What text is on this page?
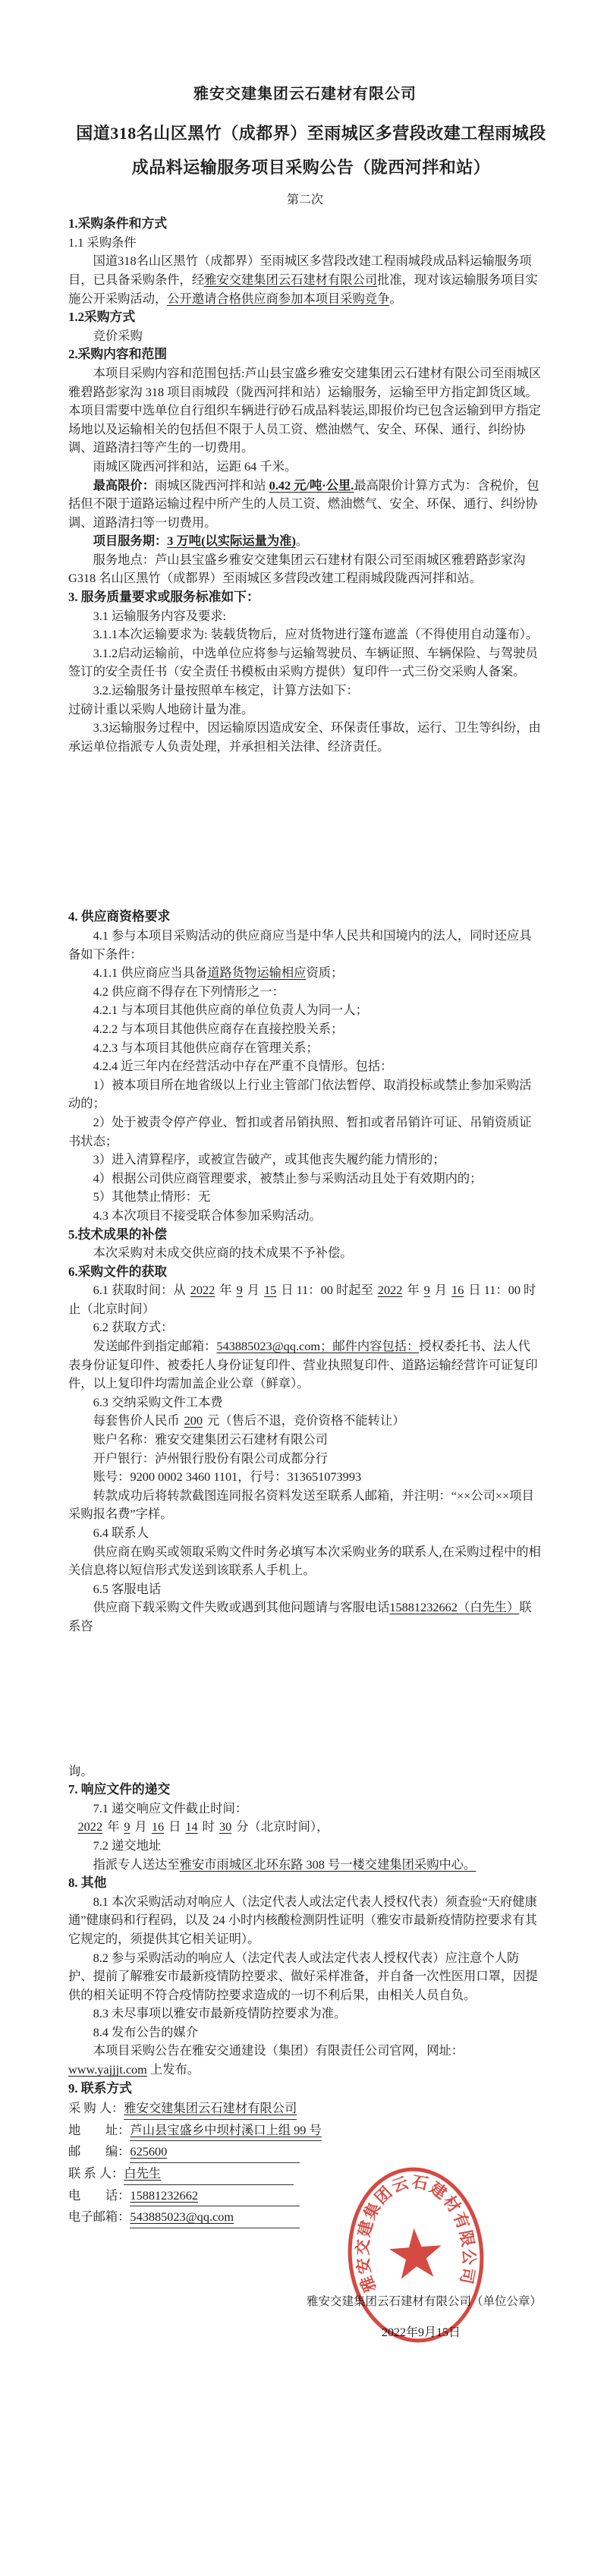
雅安交建集团云石建材有限公司
国道318名山区黑竹（成都界）至雨城区多营段改建工程雨城段成品料运输服务项目采购公告（陇西河拌和站）
第二次

1.采购条件和方式

1.1 采购条件

国道318名山区黑竹（成都界）至雨城区多营段改建工程雨城段成品料运输服务项目，已具备采购条件，经雅安交建集团云石建材有限公司批准，现对该运输服务项目实施公开采购活动，公开邀请合格供应商参加本项目采购竞争。

1.2采购方式

竞价采购

2.采购内容和范围

本项目采购内容和范围包括:芦山县宝盛乡雅安交建集团云石建材有限公司至雨城区雅碧路彭家沟 318 项目雨城段（陇西河拌和站）运输服务，运输至甲方指定卸货区域。本项目需要中选单位自行组织车辆进行砂石成品料装运,即报价均已包含运输到甲方指定场地以及运输相关的包括但不限于人员工资、燃油燃气、安全、环保、通行、纠纷协调、道路清扫等产生的一切费用。

雨城区陇西河拌和站，运距 64 千米。

最高限价：雨城区陇西河拌和站 0.42 元/吨·公里.最高限价计算方式为：含税价，包括但不限于道路运输过程中所产生的人员工资、燃油燃气、安全、环保、通行、纠纷协调、道路清扫等一切费用。

项目服务期：3 万吨(以实际运量为准)。

服务地点：芦山县宝盛乡雅安交建集团云石建材有限公司至雨城区雅碧路彭家沟 G318 名山区黑竹（成都界）至雨城区多营段改建工程雨城段陇西河拌和站。

3. 服务质量要求或服务标准如下：

3.1 运输服务内容及要求:

3.1.1本次运输要求为: 装载货物后，应对货物进行篷布遮盖（不得使用自动篷布）。

3.1.2启动运输前，中选单位应将参与运输驾驶员、车辆证照、车辆保险、与驾驶员签订的安全责任书（安全责任书模板由采购方提供）复印件一式三份交采购人备案。

3.2.运输服务计量按照单车核定，计算方法如下：

过磅计重以采购人地磅计量为准。

3.3运输服务过程中，因运输原因造成安全、环保责任事故，运行、卫生等纠纷，由承运单位指派专人负责处理，并承担相关法律、经济责任。

4. 供应商资格要求

4.1 参与本项目采购活动的供应商应当是中华人民共和国境内的法人，同时还应具备如下条件：

4.1.1 供应商应当具备道路货物运输相应资质；

4.2 供应商不得存在下列情形之一：

4.2.1 与本项目其他供应商的单位负责人为同一人；

4.2.2 与本项目其他供应商存在直接控股关系；

4.2.3 与本项目其他供应商存在管理关系；

4.2.4 近三年内在经营活动中存在严重不良情形。包括：

1）被本项目所在地省级以上行业主管部门依法暂停、取消投标或禁止参加采购活动的；

2）处于被责令停产停业、暂扣或者吊销执照、暂扣或者吊销许可证、吊销资质证书状态；

3）进入清算程序，或被宣告破产，或其他丧失履约能力情形的；

4）根据公司供应商管理要求，被禁止参与采购活动且处于有效期内的；

5）其他禁止情形：无

4.3 本次项目不接受联合体参加采购活动。

5.技术成果的补偿

本次采购对未成交供应商的技术成果不予补偿。

6.采购文件的获取

6.1 获取时间：从 2022 年 9 月 15 日 11：00 时起至 2022 年 9 月 16 日 11：00 时止（北京时间）

6.2 获取方式：

发送邮件到指定邮箱：543885023@qq.com；邮件内容包括：授权委托书、法人代表身份证复印件、被委托人身份证复印件、营业执照复印件、道路运输经营许可证复印件，以上复印件均需加盖企业公章（鲜章）。

6.3 交纳采购文件工本费

每套售价人民币 200 元（售后不退，竞价资格不能转让）

账户名称：雅安交建集团云石建材有限公司

开户银行：泸州银行股份有限公司成都分行

账号：9200 0002 3460 1101，行号：313651073993

转款成功后将转款截图连同报名资料发送至联系人邮箱，并注明：“××公司××项目采购报名费”字样。

6.4 联系人

供应商在购买或领取采购文件时务必填写本次采购业务的联系人,在采购过程中的相关信息将以短信形式发送到该联系人手机上。

6.5 客服电话

供应商下载采购文件失败或遇到其他问题请与客服电话15881232662（白先生）联系咨

询。

7. 响应文件的递交

7.1 递交响应文件截止时间：

2022 年 9 月 16 日 14 时 30 分（北京时间），

7.2 递交地址

指派专人送达至雅安市雨城区北环东路 308 号一楼交建集团采购中心。

8. 其他

8.1 本次采购活动对响应人（法定代表人或法定代表人授权代表）须查验“天府健康通”健康码和行程码，以及 24 小时内核酸检测阴性证明（雅安市最新疫情防控要求有其它规定的，须提供其它相关证明）。

8.2 参与采购活动的响应人（法定代表人或法定代表人授权代表）应注意个人防护、提前了解雅安市最新疫情防控要求、做好采样准备，并自备一次性医用口罩，因提供的相关证明不符合疫情防控要求造成的一切不利后果，由相关人员自负。

8.3 未尽事项以雅安市最新疫情防控要求为准。

8.4 发布公告的媒介

本项目采购公告在雅安交通建设（集团）有限责任公司官网，网址：www.yajjjt.com 上发布。

9. 联系方式

采 购 人：雅安交建集团云石建材有限公司

地　　址：芦山县宝盛乡中坝村溪口上组 99 号

邮　　编：625600

联 系 人：白先生

电　　话：15881232662

电子邮箱：543885023@qq.com

雅安交建集团云石建材有限公司（单位公章）
2022年9月15日
雅安交建集团云石建材有限公司
